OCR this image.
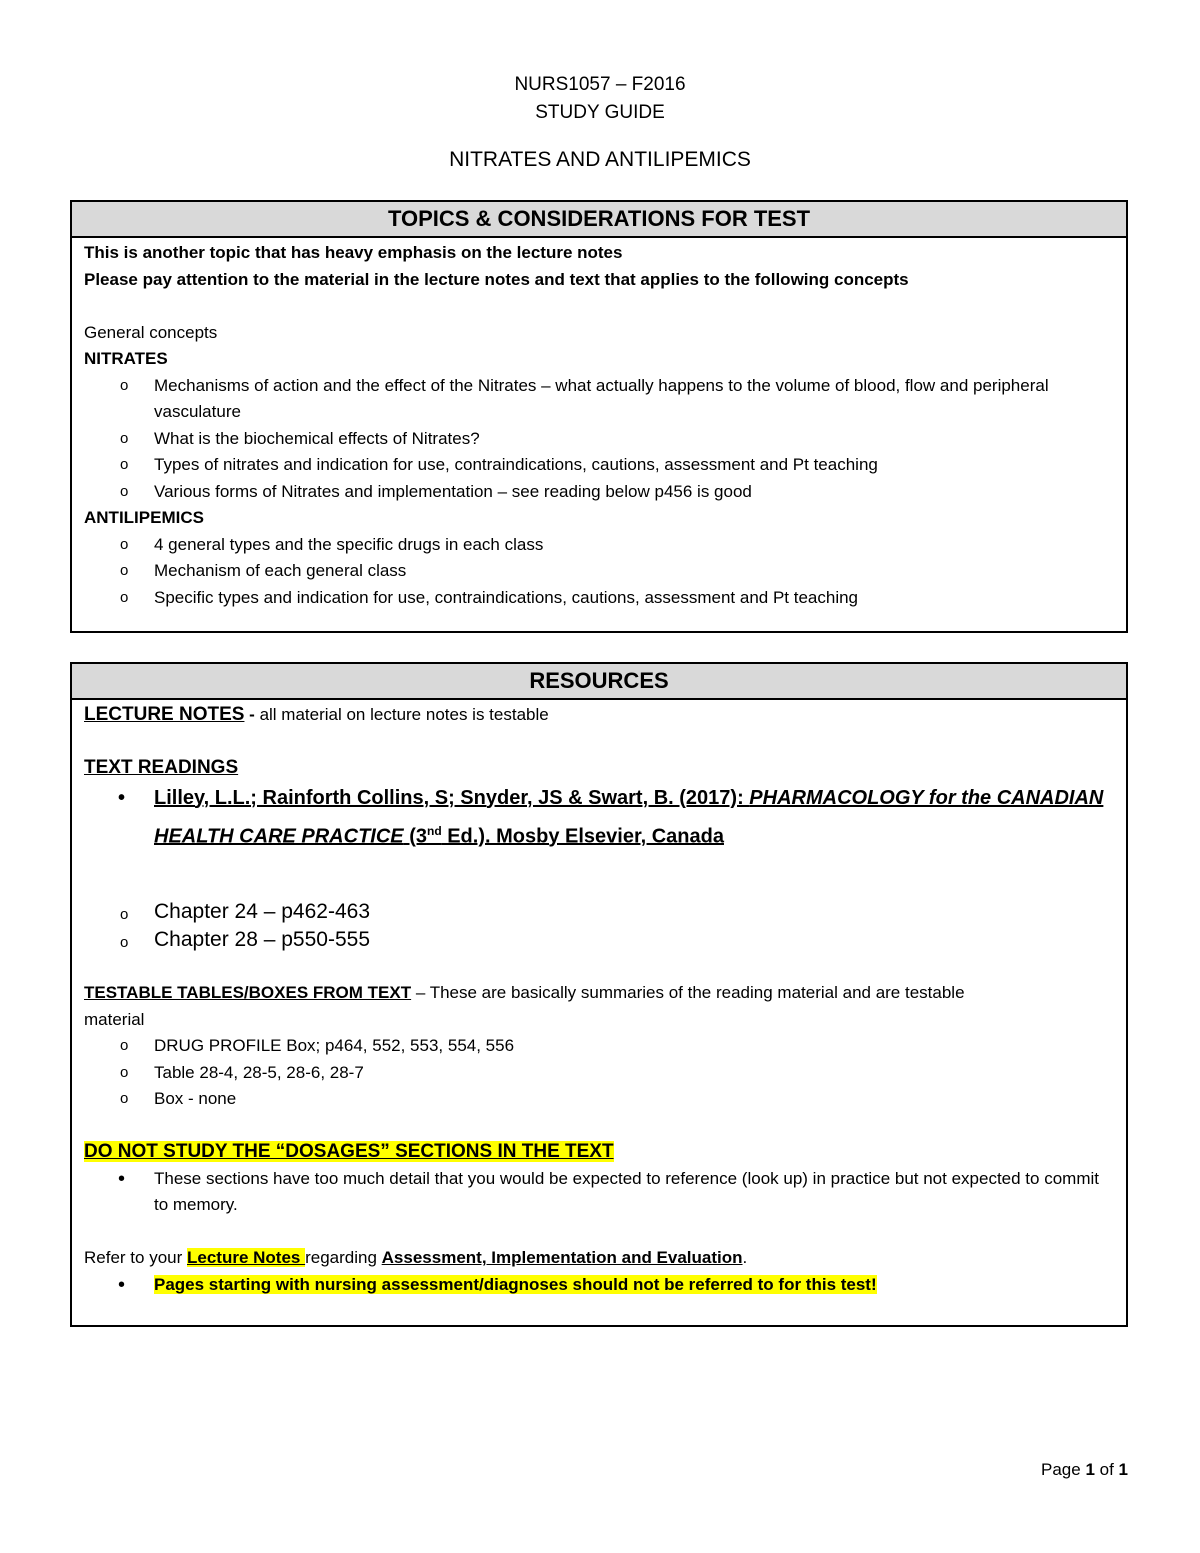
NURS1057 – F2016
STUDY GUIDE
NITRATES AND ANTILIPEMICS
TOPICS & CONSIDERATIONS FOR TEST
This is another topic that has heavy emphasis on the lecture notes
Please pay attention to the material in the lecture notes and text that applies to the following concepts
General concepts
NITRATES
o Mechanisms of action and the effect of the Nitrates – what actually happens to the volume of blood, flow and peripheral vasculature
o What is the biochemical effects of Nitrates?
o Types of nitrates and indication for use, contraindications, cautions, assessment and Pt teaching
o Various forms of Nitrates and implementation – see reading below p456 is good
ANTILIPEMICS
o 4 general types and the specific drugs in each class
o Mechanism of each general class
o Specific types and indication for use, contraindications, cautions, assessment and Pt teaching
RESOURCES
LECTURE NOTES - all material on lecture notes is testable
TEXT READINGS
• Lilley, L.L.; Rainforth Collins, S; Snyder, JS & Swart, B. (2017): PHARMACOLOGY for the CANADIAN
HEALTH CARE PRACTICE (3nd Ed.). Mosby Elsevier, Canada
o Chapter 24 – p462-463
o Chapter 28 – p550-555
TESTABLE TABLES/BOXES FROM TEXT – These are basically summaries of the reading material and are testable
material
o DRUG PROFILE Box; p464, 552, 553, 554, 556
o Table 28-4, 28-5, 28-6, 28-7
o Box - none
DO NOT STUDY THE “DOSAGES” SECTIONS IN THE TEXT
• These sections have too much detail that you would be expected to reference (look up) in practice but not expected to commit to memory.
Refer to your Lecture Notes regarding Assessment, Implementation and Evaluation.
• Pages starting with nursing assessment/diagnoses should not be referred to for this test!
Page 1 of 1
